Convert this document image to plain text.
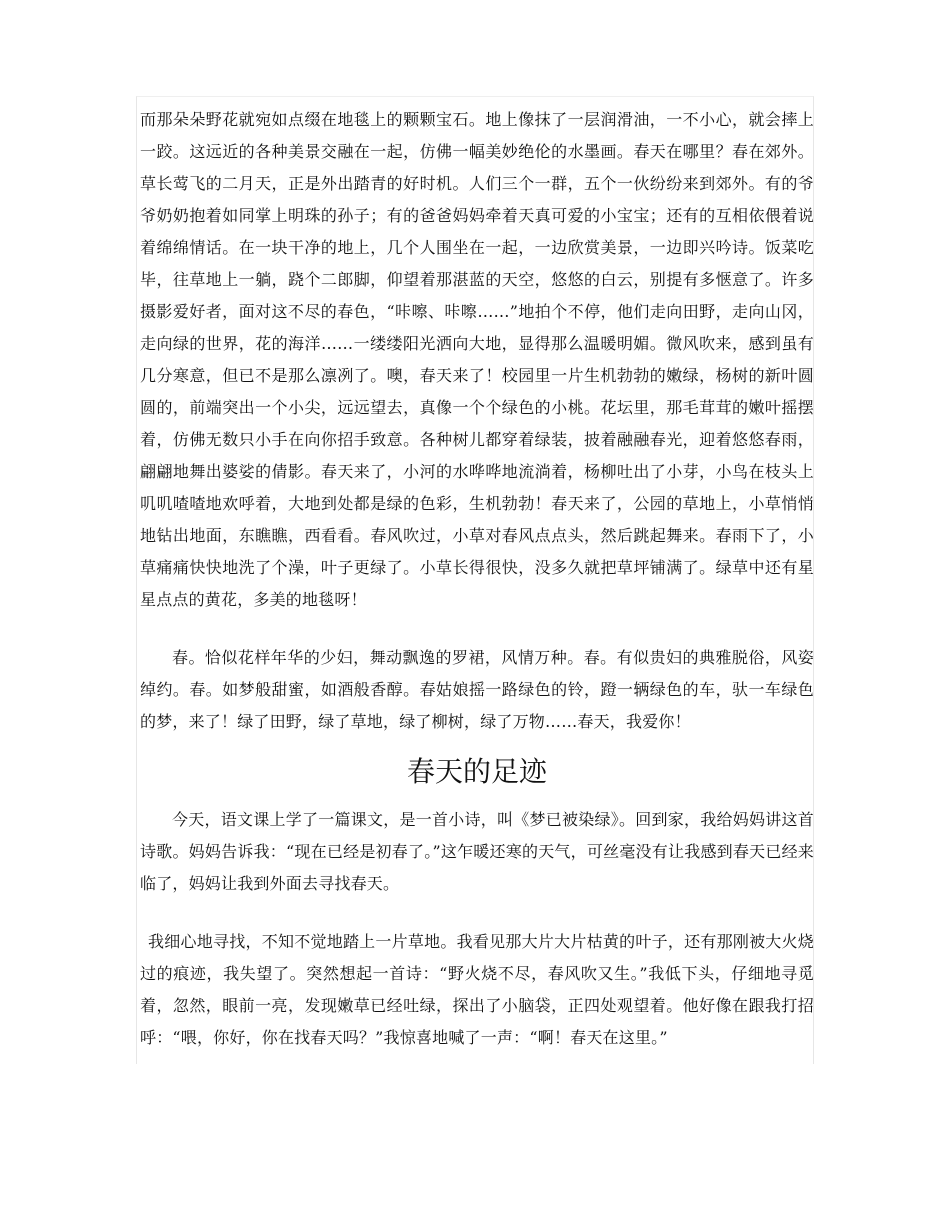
而那朵朵野花就宛如点缀在地毯上的颗颗宝石。地上像抹了一层润滑油，一不小心，就会摔上一跤。这远近的各种美景交融在一起，仿佛一幅美妙绝伦的水墨画。春天在哪里？春在郊外。草长莺飞的二月天，正是外出踏青的好时机。人们三个一群，五个一伙纷纷来到郊外。有的爷爷奶奶抱着如同掌上明珠的孙子；有的爸爸妈妈牵着天真可爱的小宝宝；还有的互相依偎着说着绵绵情话。在一块干净的地上，几个人围坐在一起，一边欣赏美景，一边即兴吟诗。饭菜吃毕，往草地上一躺，跷个二郎脚，仰望着那湛蓝的天空，悠悠的白云，别提有多惬意了。许多摄影爱好者，面对这不尽的春色，“咔嚓、咔嚓……”地拍个不停，他们走向田野，走向山冈，走向绿的世界，花的海洋……一缕缕阳光洒向大地，显得那么温暖明媚。微风吹来，感到虽有几分寒意，但已不是那么凛冽了。噢，春天来了！校园里一片生机勃勃的嫩绿，杨树的新叶圆圆的，前端突出一个小尖，远远望去，真像一个个绿色的小桃。花坛里，那毛茸茸的嫩叶摇摆着，仿佛无数只小手在向你招手致意。各种树儿都穿着绿装，披着融融春光，迎着悠悠春雨，翩翩地舞出婆娑的倩影。春天来了，小河的水哗哗地流淌着，杨柳吐出了小芽，小鸟在枝头上叽叽喳喳地欢呼着，大地到处都是绿的色彩，生机勃勃！春天来了，公园的草地上，小草悄悄地钻出地面，东瞧瞧，西看看。春风吹过，小草对春风点点头，然后跳起舞来。春雨下了，小草痛痛快快地洗了个澡，叶子更绿了。小草长得很快，没多久就把草坪铺满了。绿草中还有星星点点的黄花，多美的地毯呀！

春。恰似花样年华的少妇，舞动飘逸的罗裙，风情万种。春。有似贵妇的典雅脱俗，风姿绰约。春。如梦般甜蜜，如酒般香醇。春姑娘摇一路绿色的铃，蹬一辆绿色的车，驮一车绿色的梦，来了！绿了田野，绿了草地，绿了柳树，绿了万物……春天，我爱你！

春天的足迹

今天，语文课上学了一篇课文，是一首小诗，叫《梦已被染绿》。回到家，我给妈妈讲这首诗歌。妈妈告诉我：“现在已经是初春了。”这乍暖还寒的天气，可丝毫没有让我感到春天已经来临了，妈妈让我到外面去寻找春天。

我细心地寻找，不知不觉地踏上一片草地。我看见那大片大片枯黄的叶子，还有那刚被大火烧过的痕迹，我失望了。突然想起一首诗：“野火烧不尽，春风吹又生。”我低下头，仔细地寻觅着，忽然，眼前一亮，发现嫩草已经吐绿，探出了小脑袋，正四处观望着。他好像在跟我打招呼：“喂，你好，你在找春天吗？”我惊喜地喊了一声：“啊！春天在这里。”
